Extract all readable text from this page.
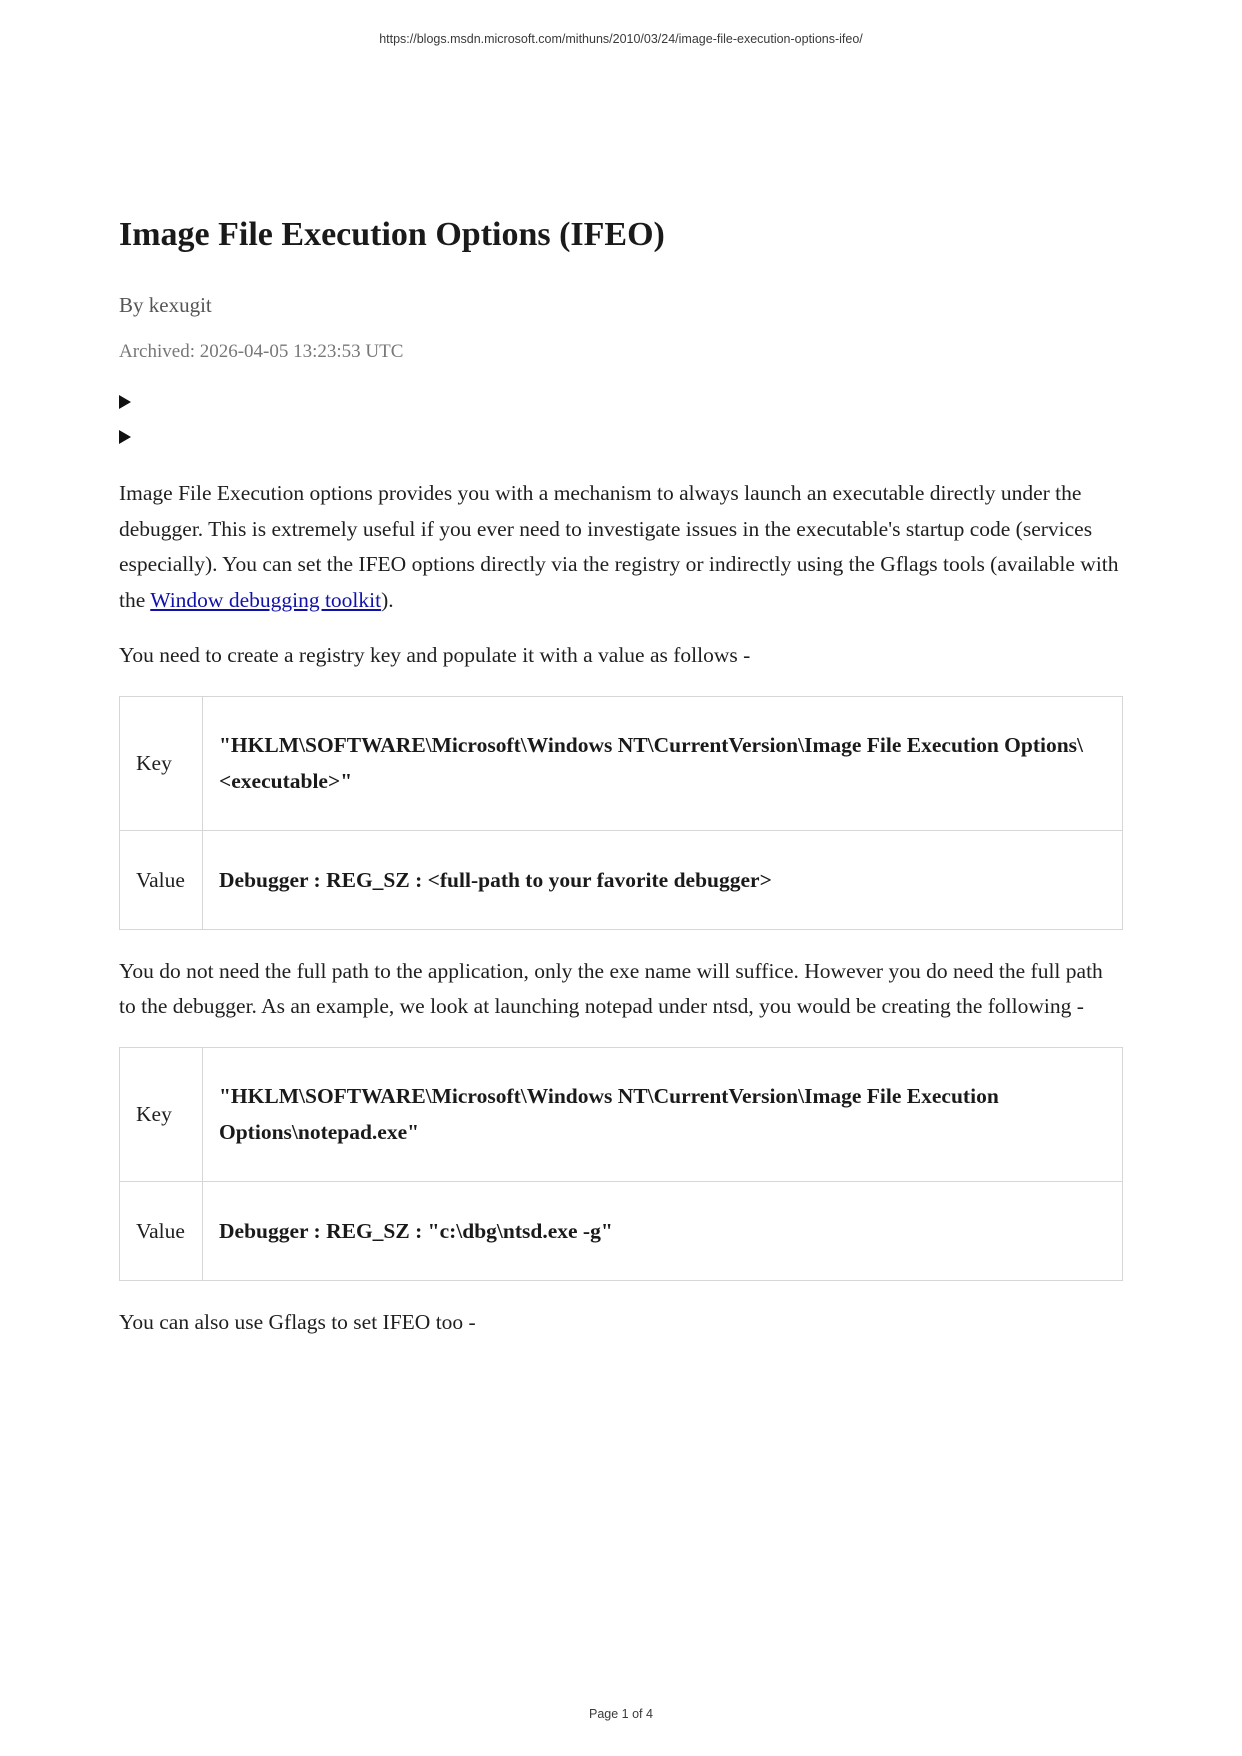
https://blogs.msdn.microsoft.com/mithuns/2010/03/24/image-file-execution-options-ifeo/
Image File Execution Options (IFEO)
By kexugit
Archived: 2026-04-05 13:23:53 UTC

Image File Execution options provides you with a mechanism to always launch an executable directly under the debugger. This is extremely useful if you ever need to investigate issues in the executable's startup code (services especially). You can set the IFEO options directly via the registry or indirectly using the Gflags tools (available with the Window debugging toolkit).

You need to create a registry key and populate it with a value as follows -

Key	"HKLM\SOFTWARE\Microsoft\Windows NT\CurrentVersion\Image File Execution Options\<executable>"
Value	Debugger : REG_SZ : <full-path to your favorite debugger>

You do not need the full path to the application, only the exe name will suffice. However you do need the full path to the debugger. As an example, we look at launching notepad under ntsd, you would be creating the following -

Key	"HKLM\SOFTWARE\Microsoft\Windows NT\CurrentVersion\Image File Execution Options\notepad.exe"
Value	Debugger : REG_SZ : "c:\dbg\ntsd.exe -g"

You can also use Gflags to set IFEO too -

Page 1 of 4
